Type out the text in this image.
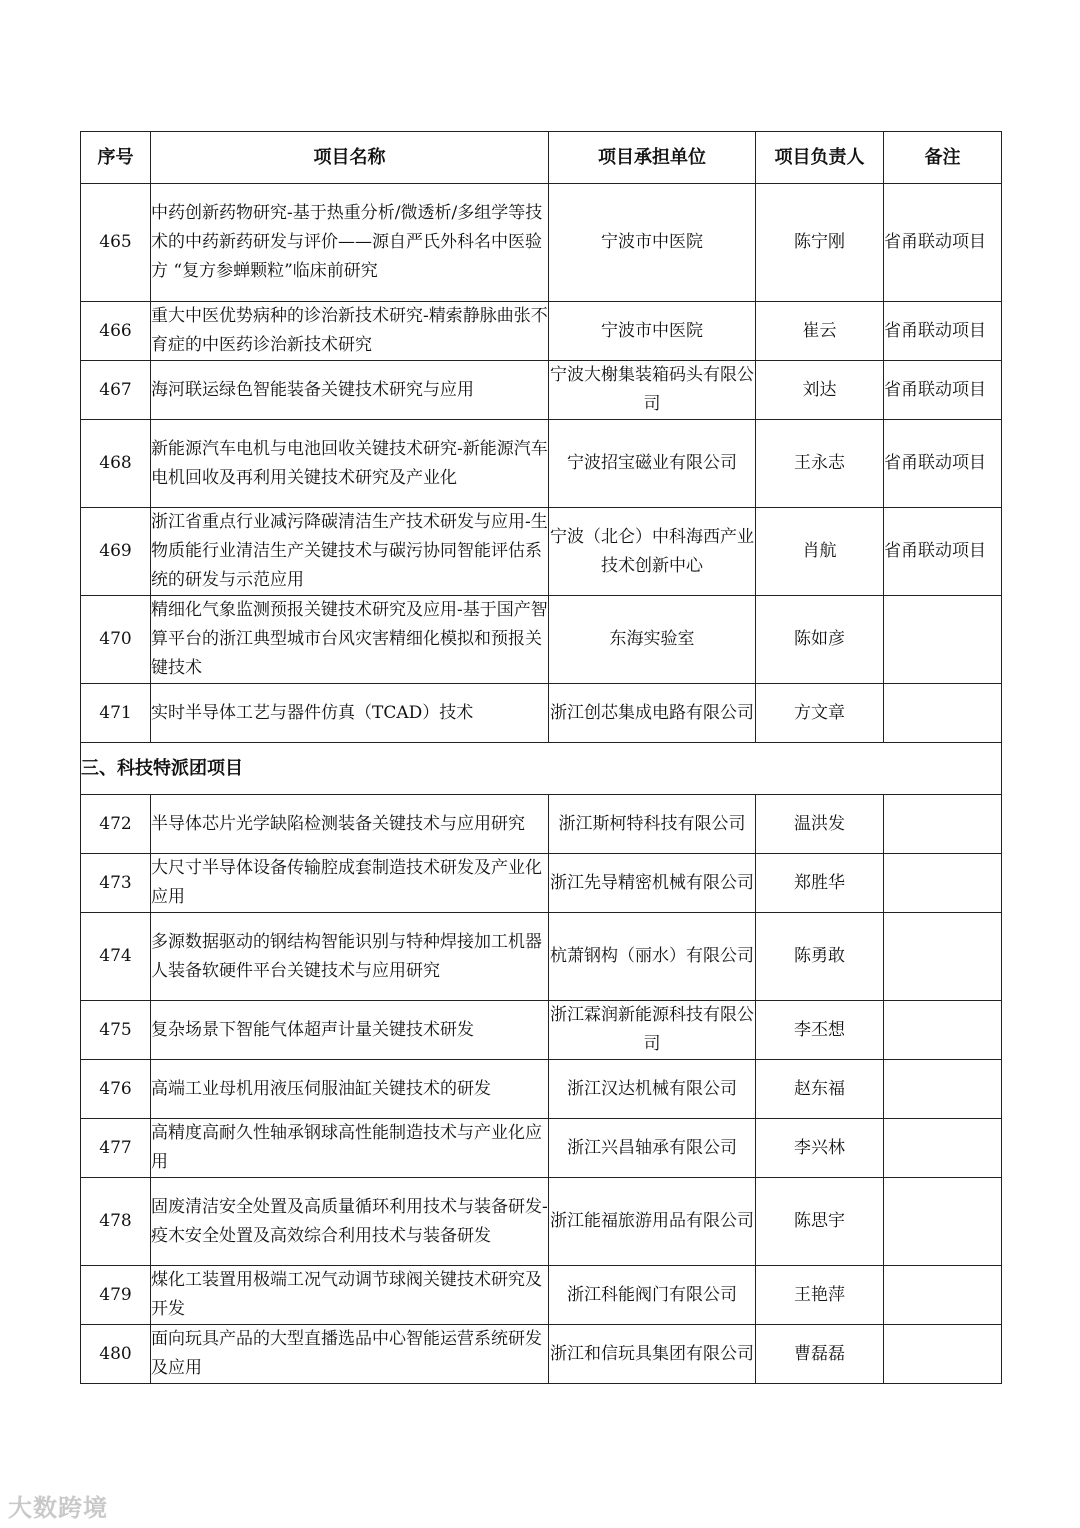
序号	项目名称	项目承担单位	项目负责人	备注
465	中药创新药物研究-基于热重分析/微透析/多组学等技术的中药新药研发与评价——源自严氏外科名中医验方 “复方参蝉颗粒”临床前研究	宁波市中医院	陈宁刚	省甬联动项目
466	重大中医优势病种的诊治新技术研究-精索静脉曲张不育症的中医药诊治新技术研究	宁波市中医院	崔云	省甬联动项目
467	海河联运绿色智能装备关键技术研究与应用	宁波大榭集装箱码头有限公司	刘达	省甬联动项目
468	新能源汽车电机与电池回收关键技术研究-新能源汽车电机回收及再利用关键技术研究及产业化	宁波招宝磁业有限公司	王永志	省甬联动项目
469	浙江省重点行业减污降碳清洁生产技术研发与应用-生物质能行业清洁生产关键技术与碳污协同智能评估系统的研发与示范应用	宁波（北仑）中科海西产业技术创新中心	肖航	省甬联动项目
470	精细化气象监测预报关键技术研究及应用-基于国产智算平台的浙江典型城市台风灾害精细化模拟和预报关键技术	东海实验室	陈如彦	
471	实时半导体工艺与器件仿真（TCAD）技术	浙江创芯集成电路有限公司	方文章	
三、科技特派团项目				
472	半导体芯片光学缺陷检测装备关键技术与应用研究	浙江斯柯特科技有限公司	温洪发	
473	大尺寸半导体设备传输腔成套制造技术研发及产业化应用	浙江先导精密机械有限公司	郑胜华	
474	多源数据驱动的钢结构智能识别与特种焊接加工机器人装备软硬件平台关键技术与应用研究	杭萧钢构（丽水）有限公司	陈勇敢	
475	复杂场景下智能气体超声计量关键技术研发	浙江霖润新能源科技有限公司	李丕想	
476	高端工业母机用液压伺服油缸关键技术的研发	浙江汉达机械有限公司	赵东福	
477	高精度高耐久性轴承钢球高性能制造技术与产业化应用	浙江兴昌轴承有限公司	李兴林	
478	固废清洁安全处置及高质量循环利用技术与装备研发-疫木安全处置及高效综合利用技术与装备研发	浙江能福旅游用品有限公司	陈思宇	
479	煤化工装置用极端工况气动调节球阀关键技术研究及开发	浙江科能阀门有限公司	王艳萍	
480	面向玩具产品的大型直播选品中心智能运营系统研发及应用	浙江和信玩具集团有限公司	曹磊磊	
大数跨境
